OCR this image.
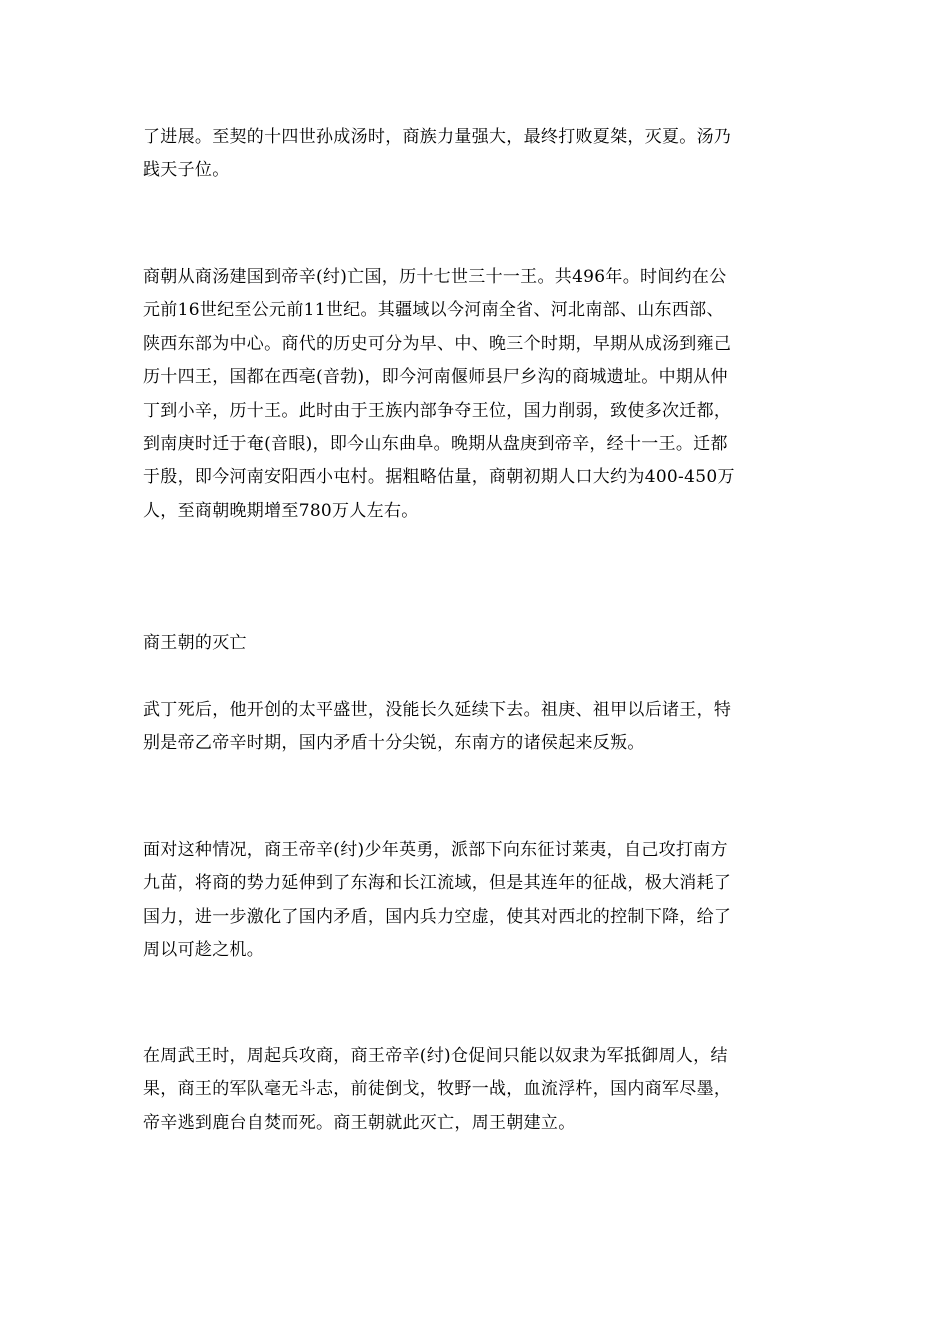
了进展。至契的十四世孙成汤时，商族力量强大，最终打败夏桀，灭夏。汤乃
践天子位。

商朝从商汤建国到帝辛(纣)亡国，历十七世三十一王。共496年。时间约在公
元前16世纪至公元前11世纪。其疆域以今河南全省、河北南部、山东西部、
陕西东部为中心。商代的历史可分为早、中、晚三个时期，早期从成汤到雍己
历十四王，国都在西亳(音勃)，即今河南偃师县尸乡沟的商城遗址。中期从仲
丁到小辛，历十王。此时由于王族内部争夺王位，国力削弱，致使多次迁都，
到南庚时迁于奄(音眼)，即今山东曲阜。晚期从盘庚到帝辛，经十一王。迁都
于殷，即今河南安阳西小屯村。据粗略估量，商朝初期人口大约为400-450万
人，至商朝晚期增至780万人左右。

商王朝的灭亡

武丁死后，他开创的太平盛世，没能长久延续下去。祖庚、祖甲以后诸王，特
别是帝乙帝辛时期，国内矛盾十分尖锐，东南方的诸侯起来反叛。

面对这种情况，商王帝辛(纣)少年英勇，派部下向东征讨莱夷，自己攻打南方
九苗，将商的势力延伸到了东海和长江流域，但是其连年的征战，极大消耗了
国力，进一步激化了国内矛盾，国内兵力空虚，使其对西北的控制下降，给了
周以可趁之机。

在周武王时，周起兵攻商，商王帝辛(纣)仓促间只能以奴隶为军抵御周人，结
果，商王的军队毫无斗志，前徒倒戈，牧野一战，血流浮杵，国内商军尽墨，
帝辛逃到鹿台自焚而死。商王朝就此灭亡，周王朝建立。
